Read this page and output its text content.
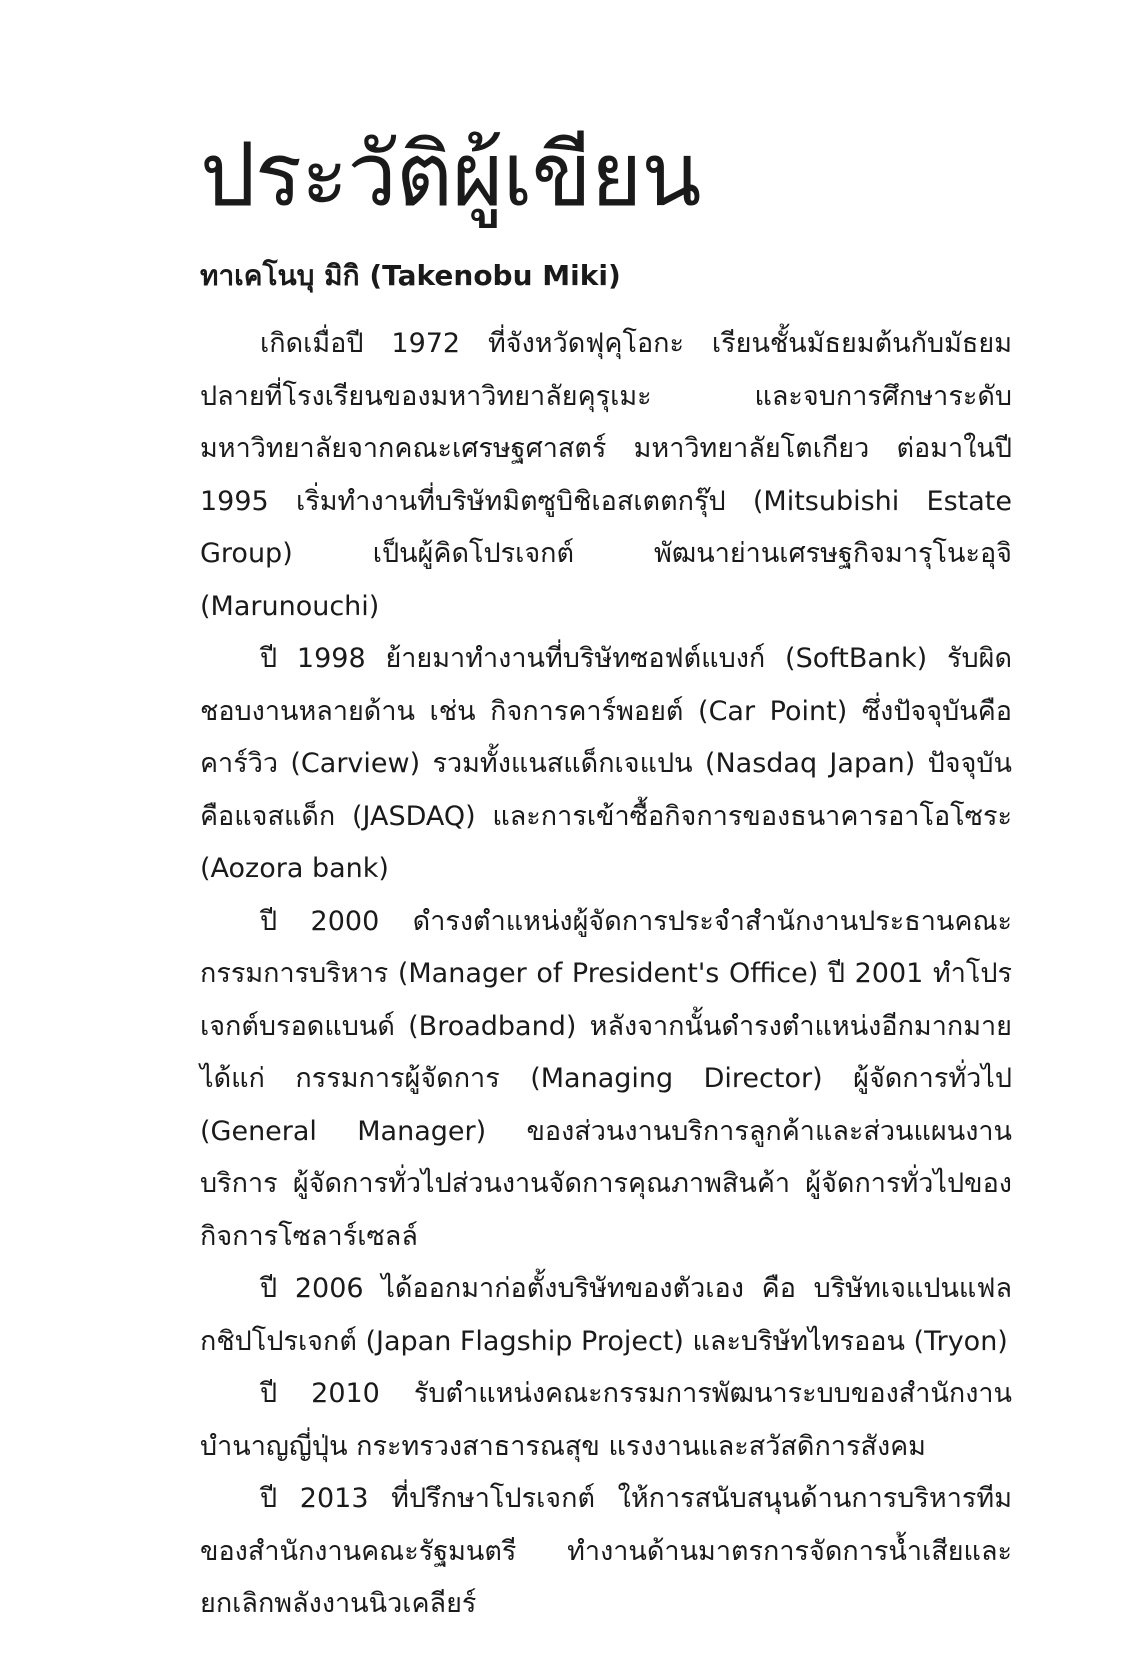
ประวัติผู้เขียน
ทาเคโนบุ มิกิ (Takenobu Miki)

เกิดเมื่อปี 1972 ที่จังหวัดฟุคุโอกะ เรียนชั้นมัธยมต้นกับมัธยมปลายที่โรงเรียนของมหาวิทยาลัยคุรุเมะ และจบการศึกษาระดับมหาวิทยาลัยจากคณะเศรษฐศาสตร์ มหาวิทยาลัยโตเกียว ต่อมาในปี 1995 เริ่มทำงานที่บริษัทมิตซูบิชิเอสเตตกรุ๊ป (Mitsubishi Estate Group) เป็นผู้คิดโปรเจกต์ พัฒนาย่านเศรษฐกิจมารุโนะอุจิ (Marunouchi)

ปี 1998 ย้ายมาทำงานที่บริษัทซอฟต์แบงก์ (SoftBank) รับผิดชอบงานหลายด้าน เช่น กิจการคาร์พอยต์ (Car Point) ซึ่งปัจจุบันคือคาร์วิว (Carview) รวมทั้งแนสแด็กเจแปน (Nasdaq Japan) ปัจจุบันคือแจสแด็ก (JASDAQ) และการเข้าซื้อกิจการของธนาคารอาโอโซระ (Aozora bank)

ปี 2000 ดำรงตำแหน่งผู้จัดการประจำสำนักงานประธานคณะกรรมการบริหาร (Manager of President's Office) ปี 2001 ทำโปรเจกต์บรอดแบนด์ (Broadband) หลังจากนั้นดำรงตำแหน่งอีกมากมาย ได้แก่ กรรมการผู้จัดการ (Managing Director) ผู้จัดการทั่วไป (General Manager) ของส่วนงานบริการลูกค้าและส่วนแผนงานบริการ ผู้จัดการทั่วไปส่วนงานจัดการคุณภาพสินค้า ผู้จัดการทั่วไปของกิจการโซลาร์เซลล์

ปี 2006 ได้ออกมาก่อตั้งบริษัทของตัวเอง คือ บริษัทเจแปนแฟลกชิปโปรเจกต์ (Japan Flagship Project) และบริษัทไทรออน (Tryon)

ปี 2010 รับตำแหน่งคณะกรรมการพัฒนาระบบของสำนักงานบำนาญญี่ปุ่น กระทรวงสาธารณสุข แรงงานและสวัสดิการสังคม

ปี 2013 ที่ปรึกษาโปรเจกต์ ให้การสนับสนุนด้านการบริหารทีมของสำนักงานคณะรัฐมนตรี ทำงานด้านมาตรการจัดการน้ำเสียและยกเลิกพลังงานนิวเคลียร์
